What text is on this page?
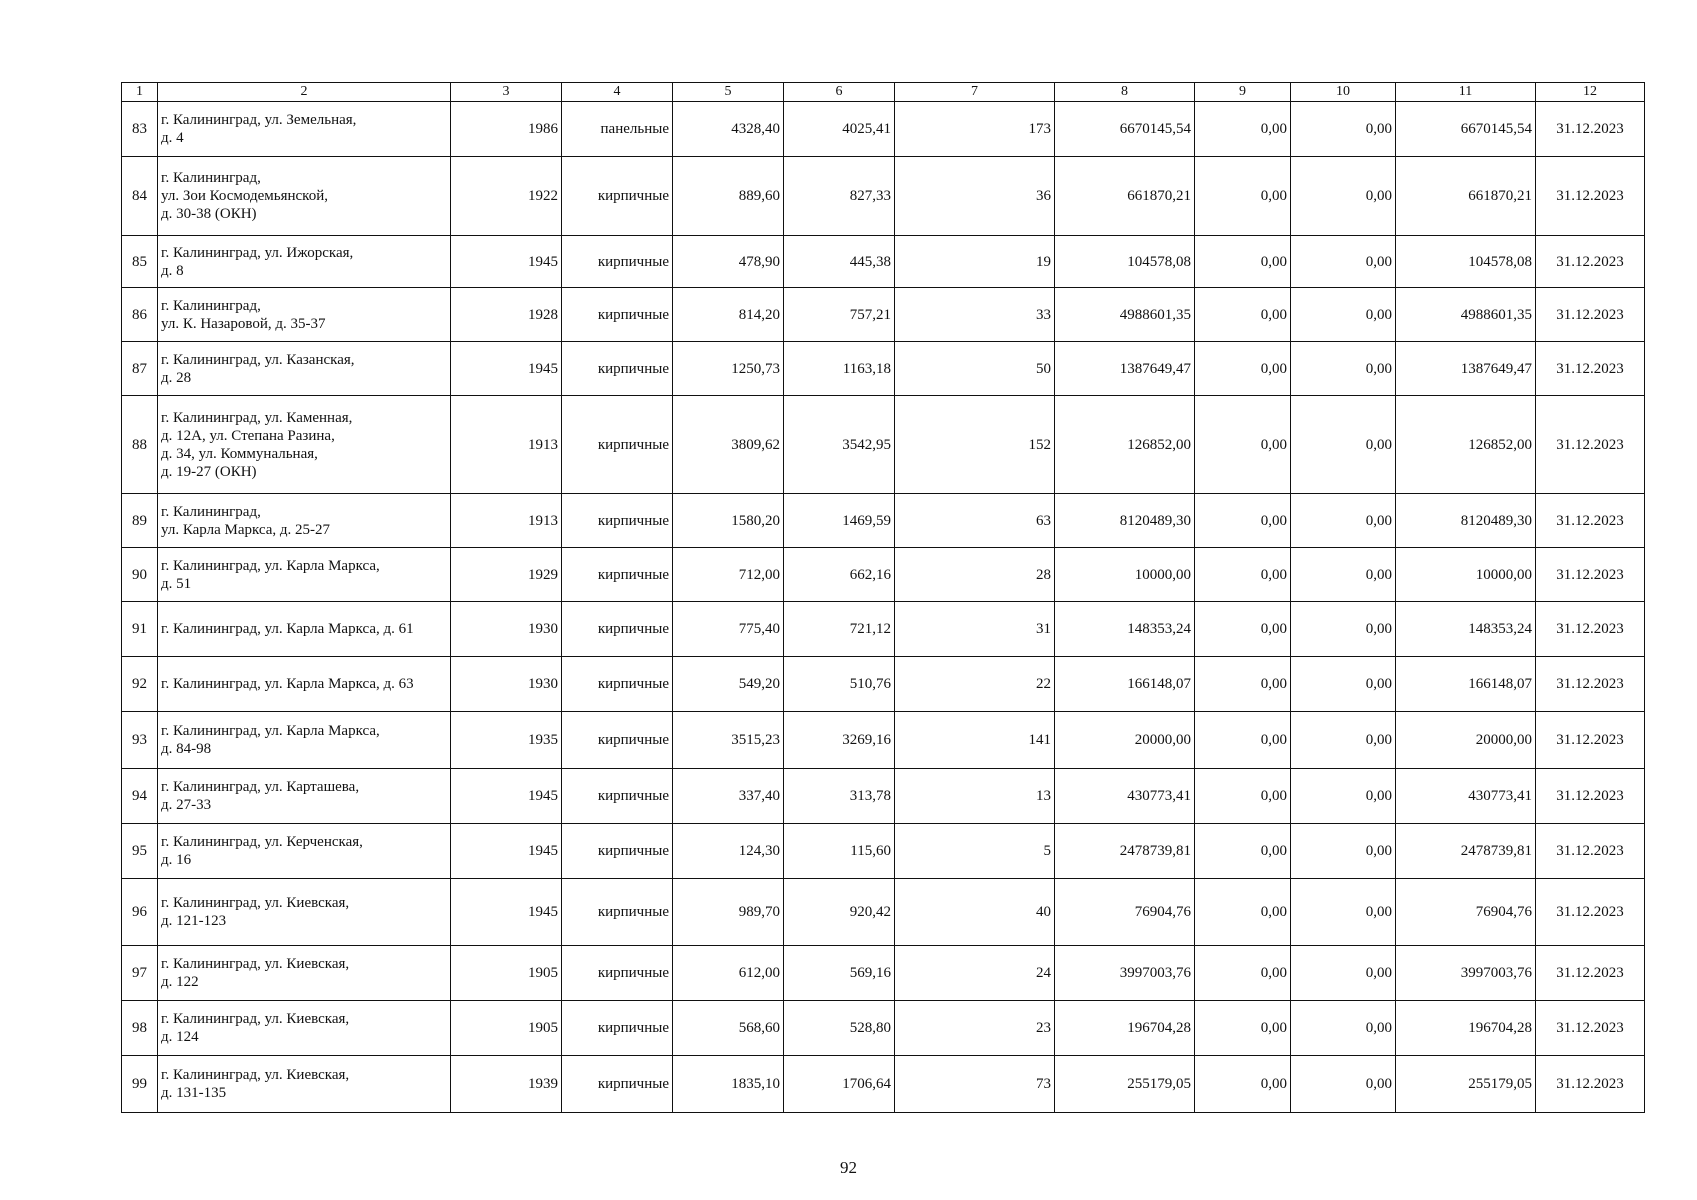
1	2	3	4	5	6	7	8	9	10	11	12
83	г. Калининград, ул. Земельная,
д. 4	1986	панельные	4328,40	4025,41	173	6670145,54	0,00	0,00	6670145,54	31.12.2023
84	г. Калининград,
ул. Зои Космодемьянской,
д. 30-38 (ОКН)	1922	кирпичные	889,60	827,33	36	661870,21	0,00	0,00	661870,21	31.12.2023
85	г. Калининград, ул. Ижорская,
д. 8	1945	кирпичные	478,90	445,38	19	104578,08	0,00	0,00	104578,08	31.12.2023
86	г. Калининград,
ул. К. Назаровой, д. 35-37	1928	кирпичные	814,20	757,21	33	4988601,35	0,00	0,00	4988601,35	31.12.2023
87	г. Калининград, ул. Казанская,
д. 28	1945	кирпичные	1250,73	1163,18	50	1387649,47	0,00	0,00	1387649,47	31.12.2023
88	г. Калининград, ул. Каменная,
д. 12А, ул. Степана Разина,
д. 34, ул. Коммунальная,
д. 19-27 (ОКН)	1913	кирпичные	3809,62	3542,95	152	126852,00	0,00	0,00	126852,00	31.12.2023
89	г. Калининград,
ул. Карла Маркса, д. 25-27	1913	кирпичные	1580,20	1469,59	63	8120489,30	0,00	0,00	8120489,30	31.12.2023
90	г. Калининград, ул. Карла Маркса,
д. 51	1929	кирпичные	712,00	662,16	28	10000,00	0,00	0,00	10000,00	31.12.2023
91	г. Калининград, ул. Карла Маркса, д. 61	1930	кирпичные	775,40	721,12	31	148353,24	0,00	0,00	148353,24	31.12.2023
92	г. Калининград, ул. Карла Маркса, д. 63	1930	кирпичные	549,20	510,76	22	166148,07	0,00	0,00	166148,07	31.12.2023
93	г. Калининград, ул. Карла Маркса,
д. 84-98	1935	кирпичные	3515,23	3269,16	141	20000,00	0,00	0,00	20000,00	31.12.2023
94	г. Калининград, ул. Карташева,
д. 27-33	1945	кирпичные	337,40	313,78	13	430773,41	0,00	0,00	430773,41	31.12.2023
95	г. Калининград, ул. Керченская,
д. 16	1945	кирпичные	124,30	115,60	5	2478739,81	0,00	0,00	2478739,81	31.12.2023
96	г. Калининград, ул. Киевская,
д. 121-123	1945	кирпичные	989,70	920,42	40	76904,76	0,00	0,00	76904,76	31.12.2023
97	г. Калининград, ул. Киевская,
д. 122	1905	кирпичные	612,00	569,16	24	3997003,76	0,00	0,00	3997003,76	31.12.2023
98	г. Калининград, ул. Киевская,
д. 124	1905	кирпичные	568,60	528,80	23	196704,28	0,00	0,00	196704,28	31.12.2023
99	г. Калининград, ул. Киевская,
д. 131-135	1939	кирпичные	1835,10	1706,64	73	255179,05	0,00	0,00	255179,05	31.12.2023
92
